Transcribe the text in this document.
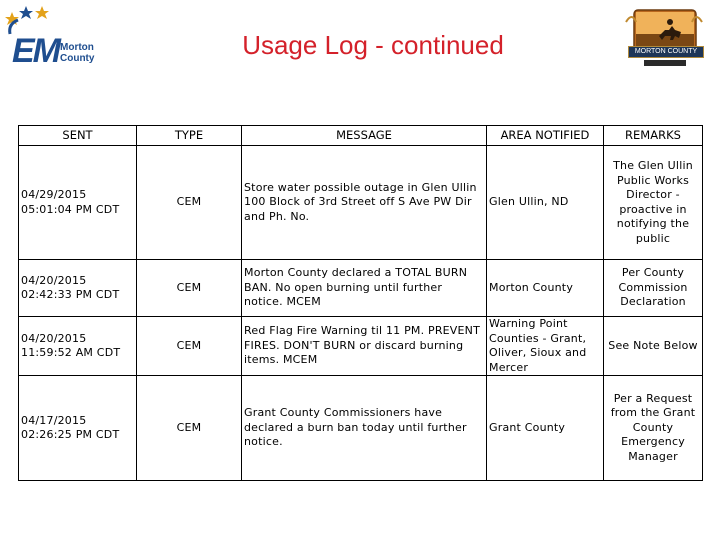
EM Morton
County	Usage Log - continued	MORTON COUNTY
SENT	TYPE	MESSAGE	AREA NOTIFIED	REMARKS
04/29/2015 05:01:04 PM CDT	CEM	Store water possible outage in Glen Ullin 100 Block of 3rd Street off S Ave PW Dir and Ph. No.	Glen Ullin, ND	The Glen Ullin Public Works Director - proactive in notifying the public
04/20/2015 02:42:33 PM CDT	CEM	Morton County declared a TOTAL BURN BAN. No open burning until further notice. MCEM	Morton County	Per County Commission Declaration
04/20/2015 11:59:52 AM CDT	CEM	Red Flag Fire Warning til 11 PM. PREVENT FIRES. DON'T BURN or discard burning items. MCEM	Warning Point Counties - Grant, Oliver, Sioux and Mercer	See Note Below
04/17/2015 02:26:25 PM CDT	CEM	Grant County Commissioners have declared a burn ban today until further notice.	Grant County	Per a Request from the Grant County Emergency Manager
